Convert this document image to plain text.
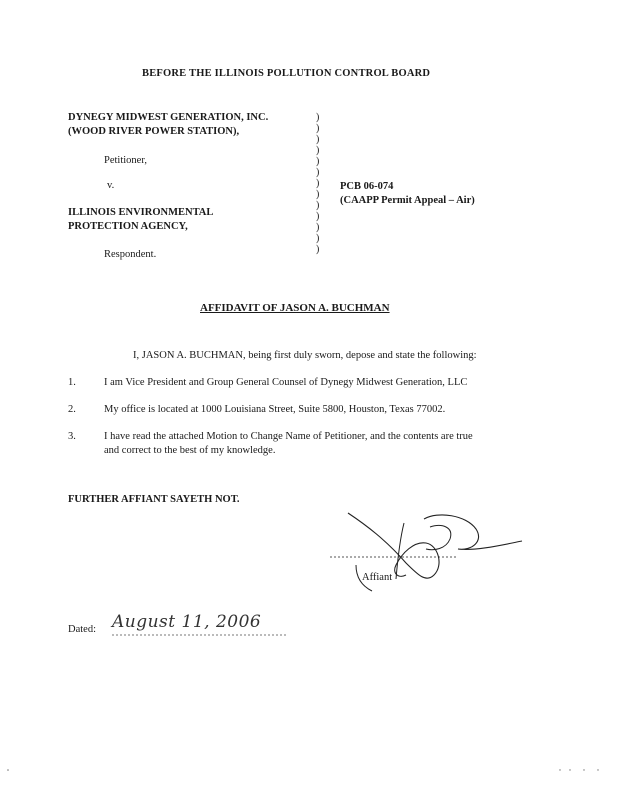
BEFORE THE ILLINOIS POLLUTION CONTROL BOARD
DYNEGY MIDWEST GENERATION, INC.
(WOOD RIVER POWER STATION),
Petitioner,
v.
ILLINOIS ENVIRONMENTAL
PROTECTION AGENCY,
Respondent.
)
)
)
)
)
)
)
)
)
)
)
)
)
PCB 06-074
(CAAPP Permit Appeal – Air)
AFFIDAVIT OF JASON A. BUCHMAN
I, JASON A. BUCHMAN, being first duly sworn, depose and state the following:
1.	I am Vice President and Group General Counsel of Dynegy Midwest Generation, LLC
2.	My office is located at 1000 Louisiana Street, Suite 5800, Houston, Texas 77002.
3.	I have read the attached Motion to Change Name of Petitioner, and the contents are true
and correct to the best of my knowledge.
FURTHER AFFIANT SAYETH NOT.
Affiant
Dated: August 11, 2006
